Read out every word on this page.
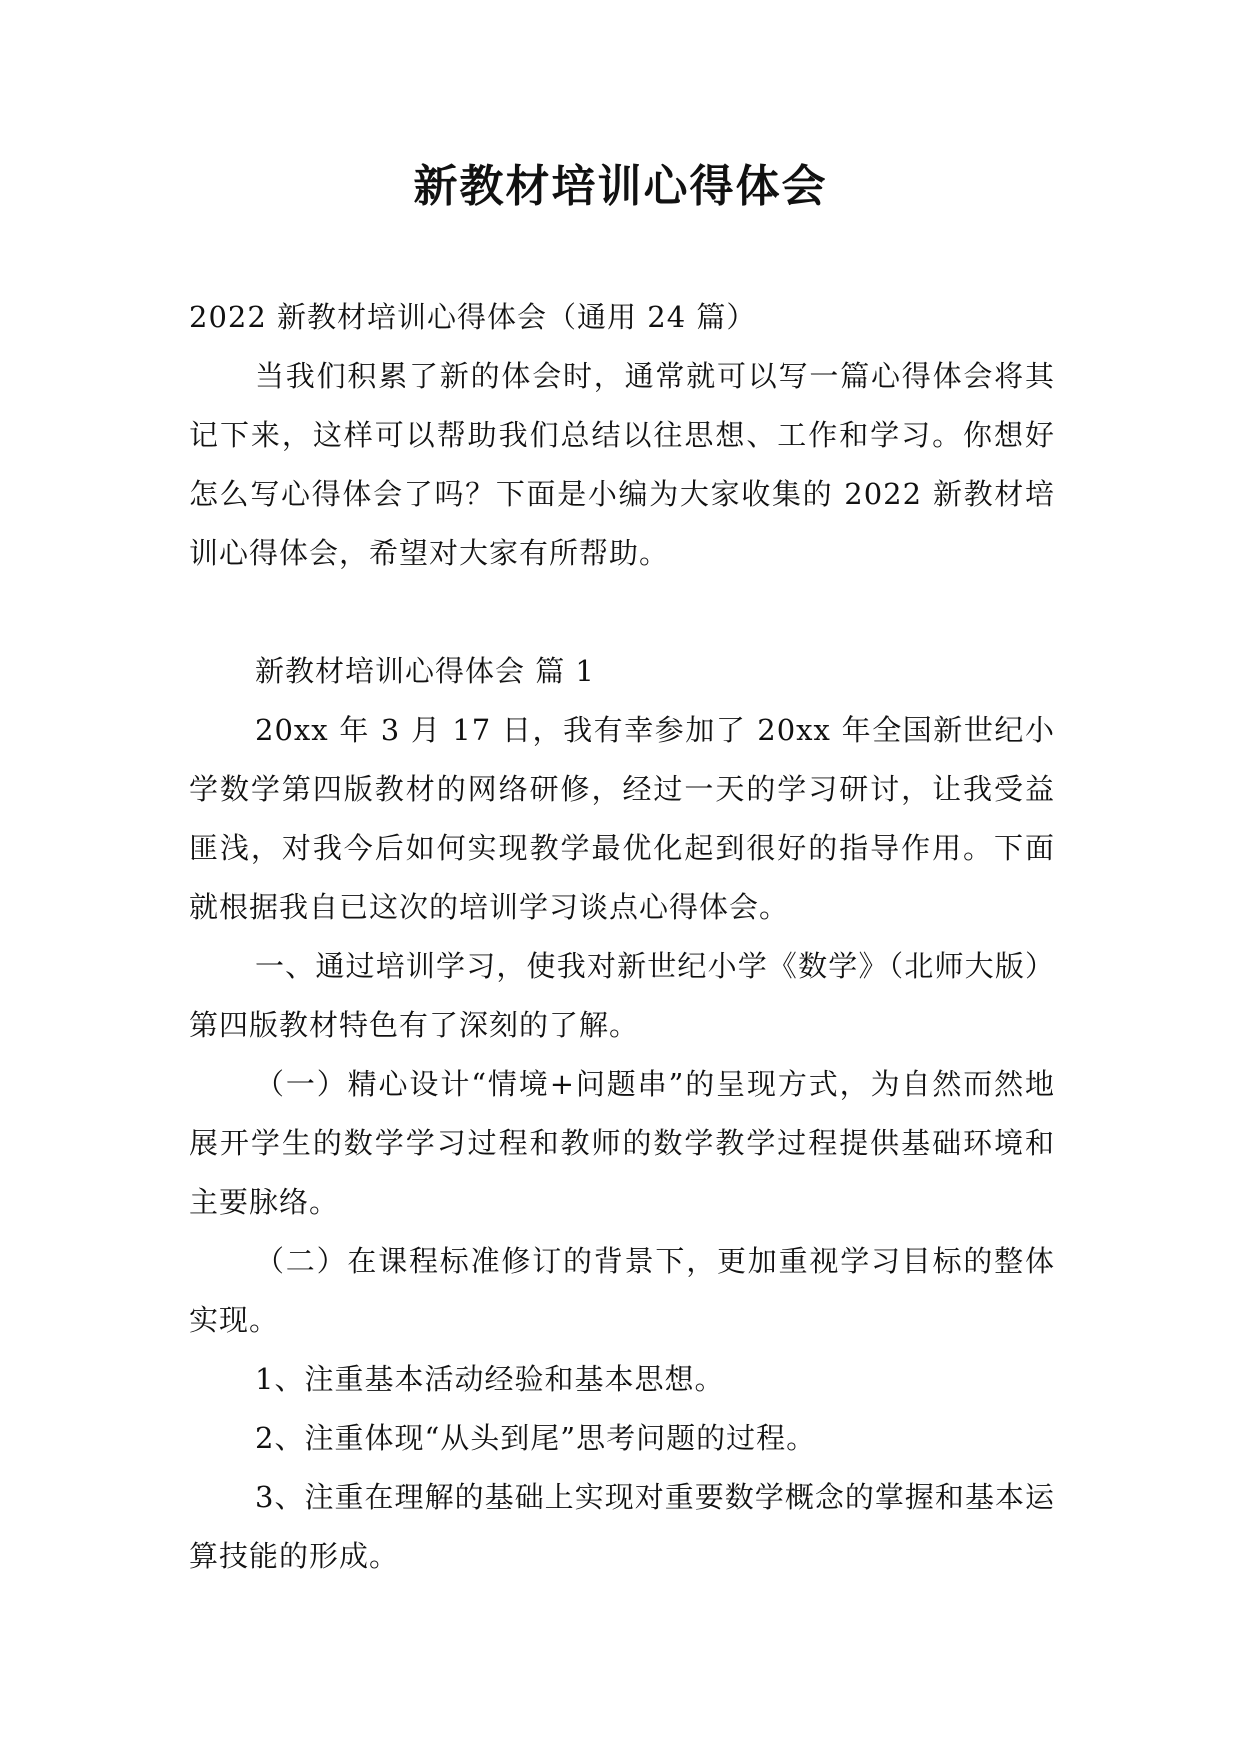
新教材培训心得体会

2022 新教材培训心得体会（通用 24 篇）

当我们积累了新的体会时，通常就可以写一篇心得体会将其记下来，这样可以帮助我们总结以往思想、工作和学习。你想好怎么写心得体会了吗？下面是小编为大家收集的 2022 新教材培训心得体会，希望对大家有所帮助。

新教材培训心得体会 篇 1

20xx 年 3 月 17 日，我有幸参加了 20xx 年全国新世纪小学数学第四版教材的网络研修，经过一天的学习研讨，让我受益匪浅，对我今后如何实现教学最优化起到很好的指导作用。下面就根据我自已这次的培训学习谈点心得体会。

一、通过培训学习，使我对新世纪小学《数学》（北师大版）第四版教材特色有了深刻的了解。

（一）精心设计“情境+问题串”的呈现方式，为自然而然地展开学生的数学学习过程和教师的数学教学过程提供基础环境和主要脉络。

（二）在课程标准修订的背景下，更加重视学习目标的整体实现。

1、注重基本活动经验和基本思想。

2、注重体现“从头到尾”思考问题的过程。

3、注重在理解的基础上实现对重要数学概念的掌握和基本运算技能的形成。
